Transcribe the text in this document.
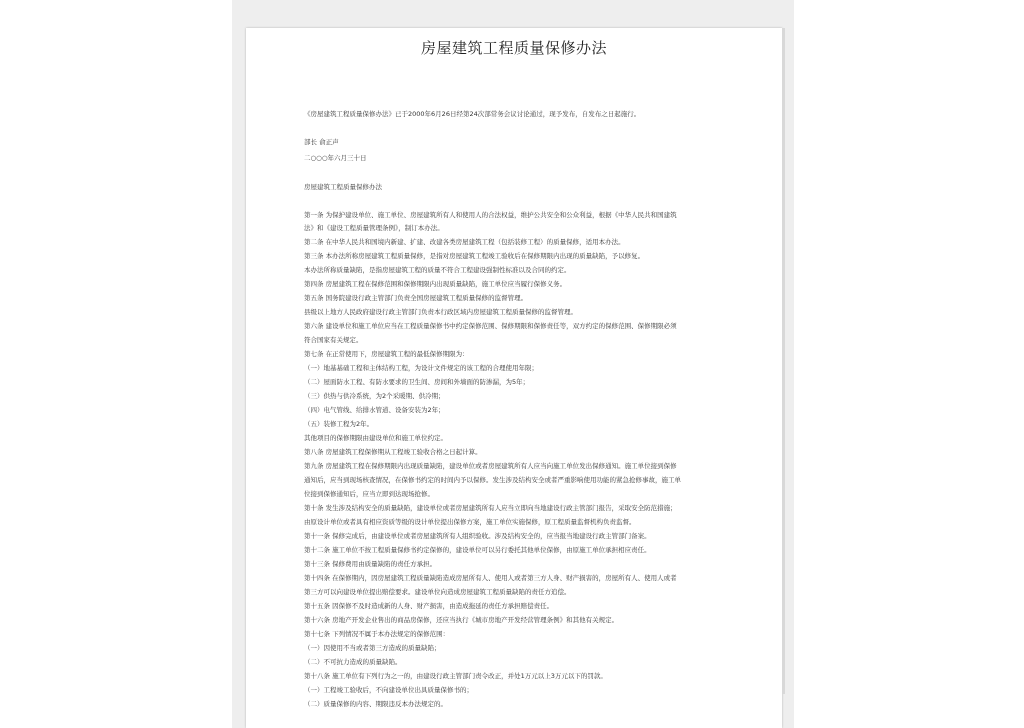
房屋建筑工程质量保修办法
《房屋建筑工程质量保修办法》已于2000年6月26日经第24次部常务会议讨论通过，现予发布，自发布之日起施行。
部长 俞正声
二○○○年六月三十日
房屋建筑工程质量保修办法
第一条 为保护建设单位、施工单位、房屋建筑所有人和使用人的合法权益，维护公共安全和公众利益，根据《中华人民共和国建筑
法》和《建设工程质量管理条例》，制订本办法。
第二条 在中华人民共和国境内新建、扩建、改建各类房屋建筑工程（包括装修工程）的质量保修，适用本办法。
第三条 本办法所称房屋建筑工程质量保修，是指对房屋建筑工程竣工验收后在保修期限内出现的质量缺陷，予以修复。
本办法所称质量缺陷，是指房屋建筑工程的质量不符合工程建设强制性标准以及合同的约定。
第四条 房屋建筑工程在保修范围和保修期限内出现质量缺陷，施工单位应当履行保修义务。
第五条 国务院建设行政主管部门负责全国房屋建筑工程质量保修的监督管理。
县级以上地方人民政府建设行政主管部门负责本行政区域内房屋建筑工程质量保修的监督管理。
第六条 建设单位和施工单位应当在工程质量保修书中约定保修范围、保修期限和保修责任等，双方约定的保修范围、保修期限必须
符合国家有关规定。
第七条 在正常使用下，房屋建筑工程的最低保修期限为：
（一）地基基础工程和主体结构工程，为设计文件规定的该工程的合理使用年限；
（二）屋面防水工程、有防水要求的卫生间、房间和外墙面的防渗漏，为5年；
（三）供热与供冷系统，为2个采暖期、供冷期；
（四）电气管线、给排水管道、设备安装为2年；
（五）装修工程为2年。
其他项目的保修期限由建设单位和施工单位约定。
第八条 房屋建筑工程保修期从工程竣工验收合格之日起计算。
第九条 房屋建筑工程在保修期限内出现质量缺陷，建设单位或者房屋建筑所有人应当向施工单位发出保修通知。施工单位接到保修
通知后，应当到现场核查情况，在保修书约定的时间内予以保修。发生涉及结构安全或者严重影响使用功能的紧急抢修事故，施工单
位接到保修通知后，应当立即到达现场抢修。
第十条 发生涉及结构安全的质量缺陷，建设单位或者房屋建筑所有人应当立即向当地建设行政主管部门报告，采取安全防范措施；
由原设计单位或者具有相应资质等级的设计单位提出保修方案，施工单位实施保修，原工程质量监督机构负责监督。
第十一条 保修完成后，由建设单位或者房屋建筑所有人组织验收。涉及结构安全的，应当报当地建设行政主管部门备案。
第十二条 施工单位不按工程质量保修书约定保修的，建设单位可以另行委托其他单位保修，由原施工单位承担相应责任。
第十三条 保修费用由质量缺陷的责任方承担。
第十四条 在保修期内，因房屋建筑工程质量缺陷造成房屋所有人、使用人或者第三方人身、财产损害的，房屋所有人、使用人或者
第三方可以向建设单位提出赔偿要求。建设单位向造成房屋建筑工程质量缺陷的责任方追偿。
第十五条 因保修不及时造成新的人身、财产损害，由造成拖延的责任方承担赔偿责任。
第十六条 房地产开发企业售出的商品房保修，还应当执行《城市房地产开发经营管理条例》和其他有关规定。
第十七条 下列情况不属于本办法规定的保修范围：
（一）因使用不当或者第三方造成的质量缺陷；
（二）不可抗力造成的质量缺陷。
第十八条 施工单位有下列行为之一的，由建设行政主管部门责令改正，并处1万元以上3万元以下的罚款。
（一）工程竣工验收后，不向建设单位出具质量保修书的；
（二）质量保修的内容、期限违反本办法规定的。
